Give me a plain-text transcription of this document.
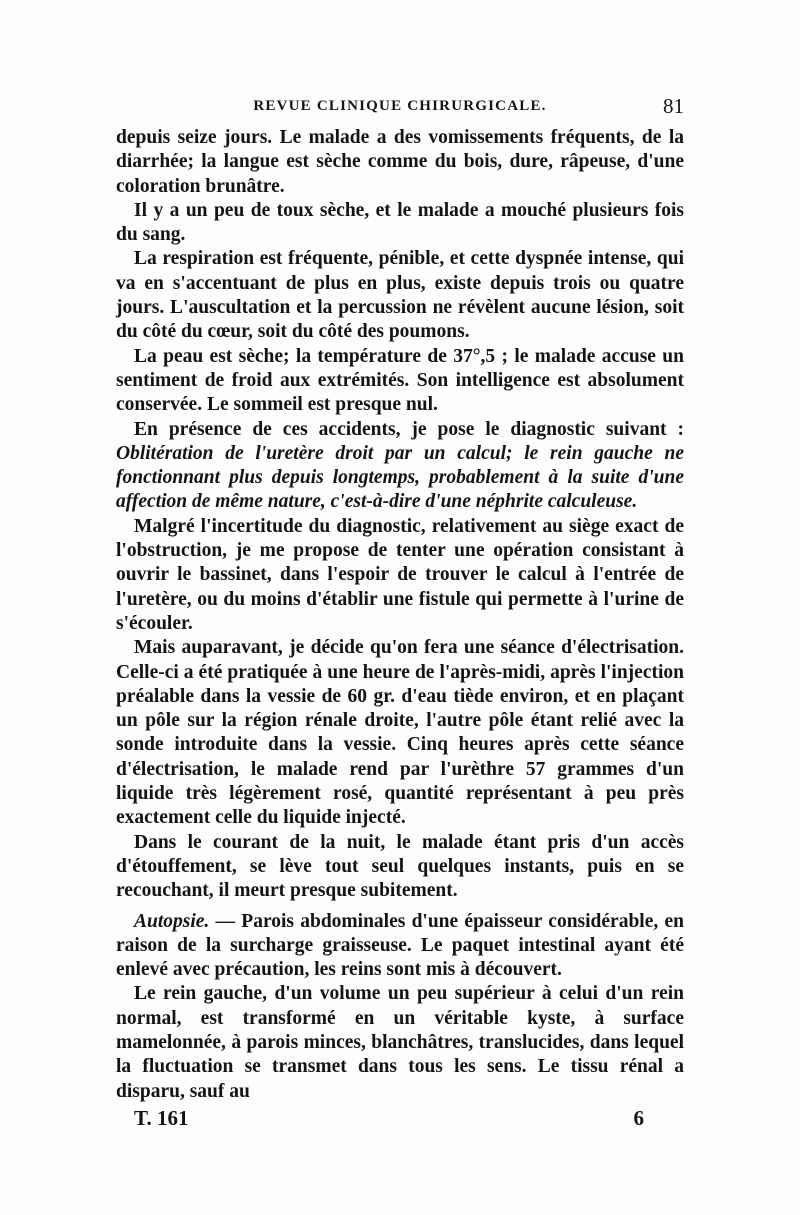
REVUE CLINIQUE CHIRURGICALE.	81

depuis seize jours. Le malade a des vomissements fréquents, de la diarrhée; la langue est sèche comme du bois, dure, râpeuse, d'une coloration brunâtre.

Il y a un peu de toux sèche, et le malade a mouché plusieurs fois du sang.

La respiration est fréquente, pénible, et cette dyspnée intense, qui va en s'accentuant de plus en plus, existe depuis trois ou quatre jours. L'auscultation et la percussion ne révèlent aucune lésion, soit du côté du cœur, soit du côté des poumons.

La peau est sèche; la température de 37°,5 ; le malade accuse un sentiment de froid aux extrémités. Son intelligence est absolument conservée. Le sommeil est presque nul.

En présence de ces accidents, je pose le diagnostic suivant : Oblitération de l'uretère droit par un calcul; le rein gauche ne fonctionnant plus depuis longtemps, probablement à la suite d'une affection de même nature, c'est-à-dire d'une néphrite calculeuse.

Malgré l'incertitude du diagnostic, relativement au siège exact de l'obstruction, je me propose de tenter une opération consistant à ouvrir le bassinet, dans l'espoir de trouver le calcul à l'entrée de l'uretère, ou du moins d'établir une fistule qui permette à l'urine de s'écouler.

Mais auparavant, je décide qu'on fera une séance d'électrisation. Celle-ci a été pratiquée à une heure de l'après-midi, après l'injection préalable dans la vessie de 60 gr. d'eau tiède environ, et en plaçant un pôle sur la région rénale droite, l'autre pôle étant relié avec la sonde introduite dans la vessie. Cinq heures après cette séance d'électrisation, le malade rend par l'urèthre 57 grammes d'un liquide très légèrement rosé, quantité représentant à peu près exactement celle du liquide injecté.

Dans le courant de la nuit, le malade étant pris d'un accès d'étouffement, se lève tout seul quelques instants, puis en se recouchant, il meurt presque subitement.

Autopsie. — Parois abdominales d'une épaisseur considérable, en raison de la surcharge graisseuse. Le paquet intestinal ayant été enlevé avec précaution, les reins sont mis à découvert.

Le rein gauche, d'un volume un peu supérieur à celui d'un rein normal, est transformé en un véritable kyste, à surface mamelonnée, à parois minces, blanchâtres, translucides, dans lequel la fluctuation se transmet dans tous les sens. Le tissu rénal a disparu, sauf au

T. 161	6
